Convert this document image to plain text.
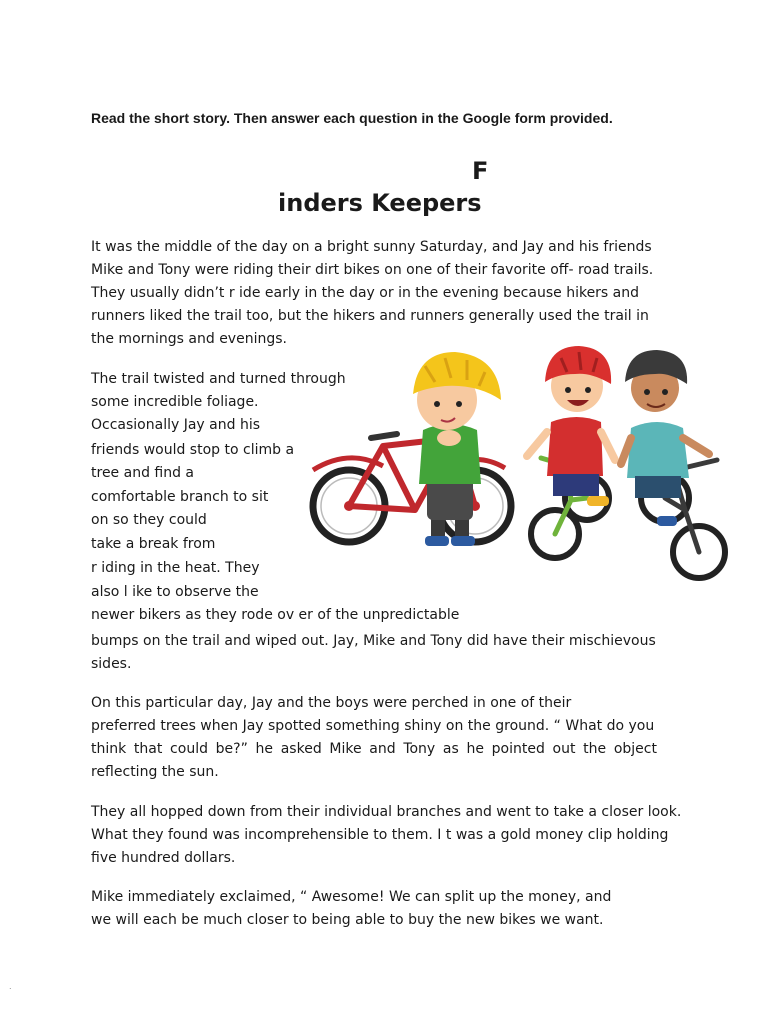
Read the short story. Then answer each question in the Google form provided.

F
inders Keepers

It was the middle of the day on a bright sunny Saturday, and Jay and his friends

Mike and Tony were riding their dirt bikes on one of their favorite off- road trails.

They usually didn’t r ide early in the day or in the evening because hikers and

runners liked the trail too, but the hikers and runners generally used the trail in

the mornings and evenings.

The trail twisted and turned through

some incredible foliage.

Occasionally Jay and his

friends would stop to climb a

tree and find a

comfortable branch to sit

on so they could

take a break from

r iding in the heat. They

also l ike to observe the

newer bikers as they rode ov er of the unpredictable

bumps on the trail and wiped out. Jay, Mike and Tony did have their mischievous

sides.

On this particular day, Jay and the boys were perched in one of their

preferred trees when Jay spotted something shiny on the ground. “ What do you

think that could be?” he asked Mike and Tony as he pointed out the object

reflecting the sun.

They all hopped down from their individual branches and went to take a closer look.

What they found was incomprehensible to them. I t was a gold money clip holding

five hundred dollars.

Mike immediately exclaimed, “ Awesome! We can split up the money, and

we will each be much closer to being able to buy the new bikes we want.

.
